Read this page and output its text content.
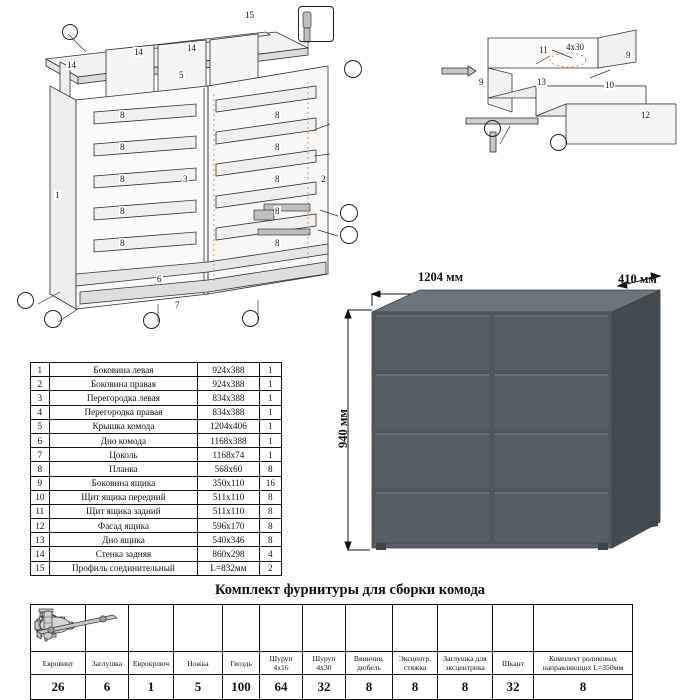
15
14
14	14
5
8
8
8
8
8
8
8
8
8
8
1
3	2
6
7
11 4x30
9
9	13	10
12
1	Боковина левая	924х388	1
2	Боковина правая	924х388	1
3	Перегородка левая	834х388	1
4	Перегородка правая	834х388	1
5	Крышка комода	1204х406	1
6	Дно комода	1168х388	1
7	Цоколь	1168х74	1
8	Планка	568х60	8
9	Боковина ящика	350х110	16
10	Щит ящика передний	511х110	8
11	Щит ящика задний	511х110	8
12	Фасад ящика	596х170	8
13	Дно ящика	540х346	8
14	Стенка задняя	860х298	4
15	Профиль соединительный	L=832мм	2
1204 мм	410 мм
940 мм
Комплект фурнитуры для сборки комода

Евровинт	Заглушка	Еврокрлюч	Ножка	Гвоздь	Шуруп 4х16	Шуруп 4х30	Ввинчив. дюбель	Эксцентр. стяжка	Заглушка для эксцентрика	Шкант	Комплект роликовых направляющих L=350мм
26	6	1	5	100	64	32	8	8	8	32	8
